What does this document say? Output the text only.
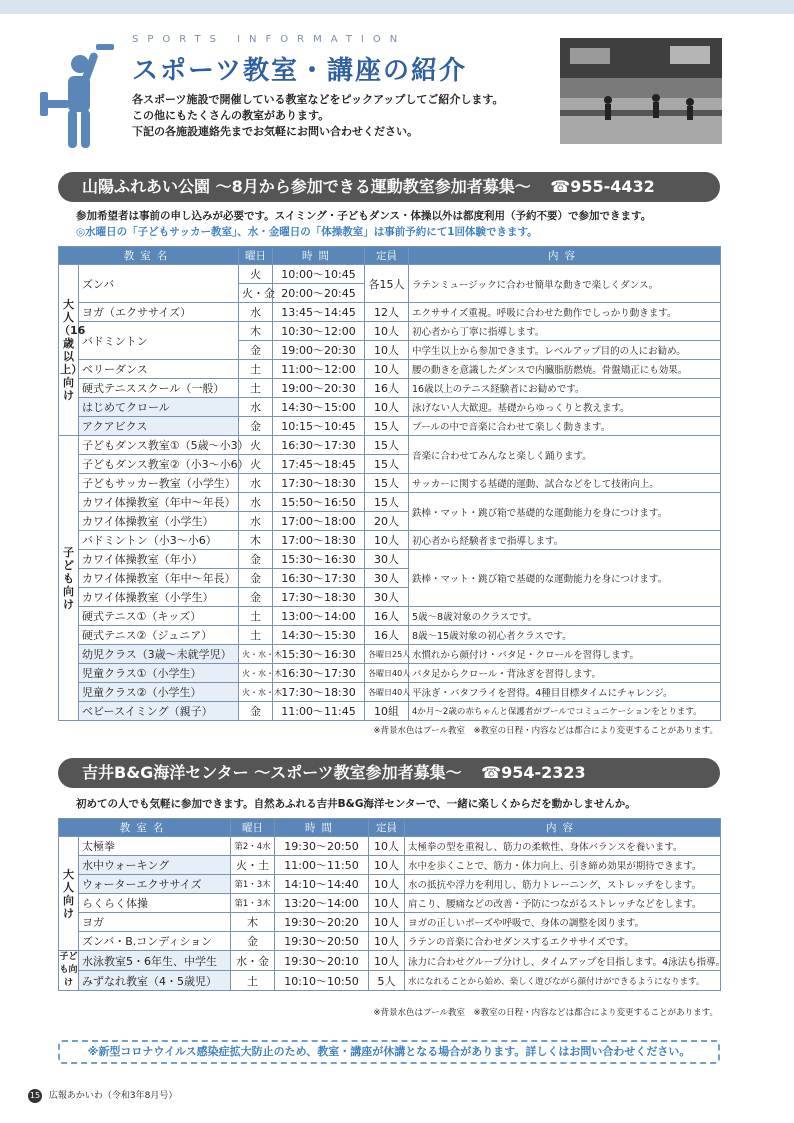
SPORTS INFORMATION
スポーツ教室・講座の紹介
各スポーツ施設で開催している教室などをピックアップしてご紹介します。
この他にもたくさんの教室があります。
下記の各施設連絡先までお気軽にお問い合わせください。
山陽ふれあい公園 ～8月から参加できる運動教室参加者募集～ ☎955-4432
参加希望者は事前の申し込みが必要です。スイミング・子どもダンス・体操以外は都度利用（予約不要）で参加できます。
◎水曜日の「子どもサッカー教室」、水・金曜日の「体操教室」は事前予約にて1回体験できます。
教室名		曜日	時間	定員	内容
大人（16歳以上）向け	ズンバ	火	10:00～10:45	各15人	ラテンミュージックに合わせ簡単な動きで楽しくダンス。
		火・金	20:00～20:45		
	ヨガ（エクササイズ）	水	13:45～14:45	12人	エクササイズ重視。呼吸に合わせた動作でしっかり動きます。
	バドミントン	木	10:30～12:00	10人	初心者から丁寧に指導します。
		金	19:00～20:30	10人	中学生以上から参加できます。レベルアップ目的の人にお勧め。
	ベリーダンス	土	11:00～12:00	10人	腰の動きを意識したダンスで内臓脂肪燃焼。骨盤矯正にも効果。
	硬式テニススクール（一般）	土	19:00～20:30	16人	16歳以上のテニス経験者にお勧めです。
	はじめてクロール	水	14:30～15:00	10人	泳げない人大歓迎。基礎からゆっくりと教えます。
	アクアビクス	金	10:15～10:45	15人	プールの中で音楽に合わせて楽しく動きます。
子ども向け	子どもダンス教室①（5歳～小3）	火	16:30～17:30	15人	音楽に合わせてみんなと楽しく踊ります。
	子どもダンス教室②（小3～小6）	火	17:45～18:45	15人	
	子どもサッカー教室（小学生）	水	17:30～18:30	15人	サッカーに関する基礎的運動、試合などをして技術向上。
	カワイ体操教室（年中～年長）	水	15:50～16:50	15人	鉄棒・マット・跳び箱で基礎的な運動能力を身につけます。
	カワイ体操教室（小学生）	水	17:00～18:00	20人	
	バドミントン（小3～小6）	木	17:00～18:30	10人	初心者から経験者まで指導します。
	カワイ体操教室（年小）	金	15:30～16:30	30人	鉄棒・マット・跳び箱で基礎的な運動能力を身につけます。
	カワイ体操教室（年中～年長）	金	16:30～17:30	30人	
	カワイ体操教室（小学生）	金	17:30～18:30	30人	
	硬式テニス①（キッズ）	土	13:00～14:00	16人	5歳～8歳対象のクラスです。
	硬式テニス②（ジュニア）	土	14:30～15:30	16人	8歳～15歳対象の初心者クラスです。
	幼児クラス（3歳～未就学児）	火・水・木	15:30～16:30	各曜日25人	水慣れから顔付け・バタ足・クロールを習得します。
	児童クラス①（小学生）	火・水・木	16:30～17:30	各曜日40人	バタ足からクロール・背泳ぎを習得します。
	児童クラス②（小学生）	火・水・木	17:30～18:30	各曜日40人	平泳ぎ・バタフライを習得。4種目目標タイムにチャレンジ。
	ベビースイミング（親子）	金	11:00～11:45	10組	4か月～2歳の赤ちゃんと保護者がプールでコミュニケーションをとります。
※背景水色はプール教室　※教室の日程・内容などは都合により変更することがあります。
吉井B&G海洋センター ～スポーツ教室参加者募集～ ☎954-2323
初めての人でも気軽に参加できます。自然あふれる吉井B&G海洋センターで、一緒に楽しくからだを動かしませんか。
教室名		曜日	時間	定員	内容
大人向け	太極拳	第2・4水	19:30～20:50	10人	太極拳の型を重視し、筋力の柔軟性、身体バランスを養います。
	水中ウォーキング	火・土	11:00～11:50	10人	水中を歩くことで、筋力・体力向上、引き締め効果が期待できます。
	ウォーターエクササイズ	第1・3木	14:10～14:40	10人	水の抵抗や浮力を利用し、筋力トレーニング、ストレッチをします。
	らくらく体操	第1・3木	13:20～14:00	10人	肩こり、腰痛などの改善・予防につながるストレッチなどをします。
	ヨガ	木	19:30～20:20	10人	ヨガの正しいポーズや呼吸で、身体の調整を図ります。
	ズンバ・B.コンディション	金	19:30～20:50	10人	ラテンの音楽に合わせダンスするエクササイズです。
子ども向け	水泳教室5・6年生、中学生	水・金	19:30～20:10	10人	泳力に合わせグループ分けし、タイムアップを目指します。4泳法も指導。
	みずなれ教室（4・5歳児）	土	10:10～10:50	5人	水になれることから始め、楽しく遊びながら顔付けができるようになります。
※背景水色はプール教室　※教室の日程・内容などは都合により変更することがあります。
※新型コロナウイルス感染症拡大防止のため、教室・講座が休講となる場合があります。詳しくはお問い合わせください。
15 広報あかいわ（令和3年8月号）
